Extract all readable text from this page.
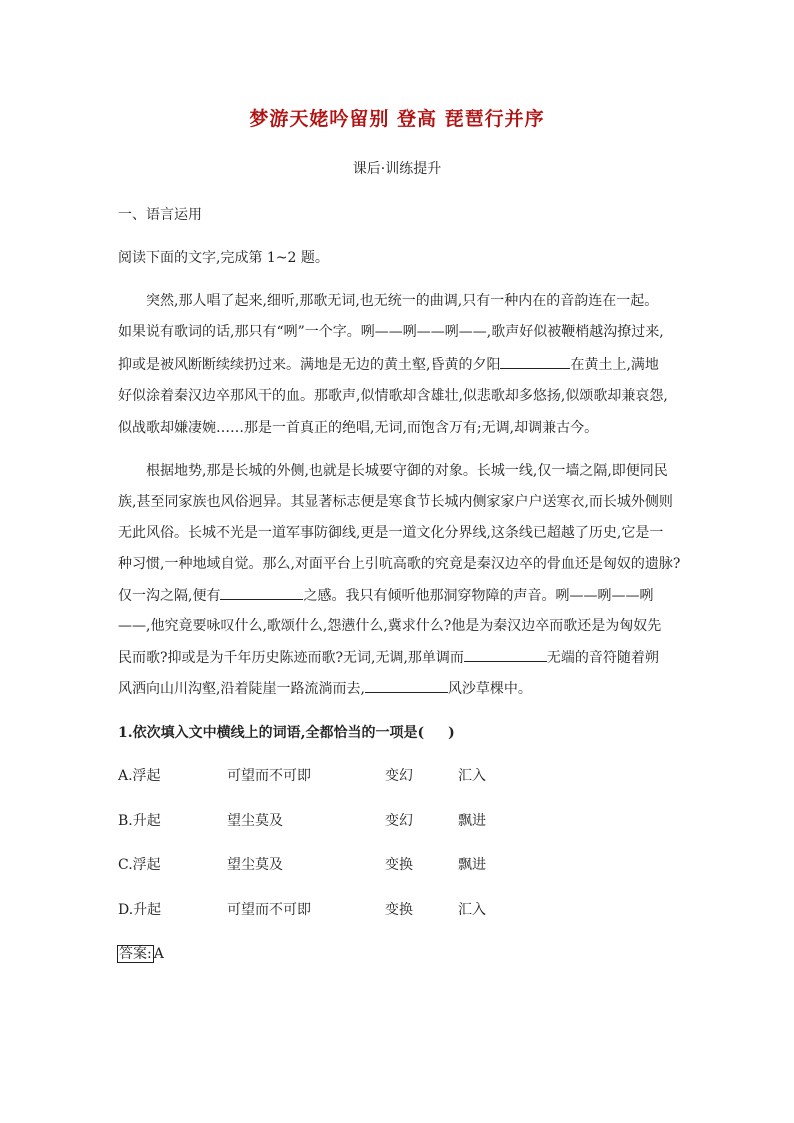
梦游天姥吟留别 登高 琵琶行并序
课后·训练提升
一、语言运用
阅读下面的文字,完成第 1~2 题。
突然,那人唱了起来,细听,那歌无词,也无统一的曲调,只有一种内在的音韵连在一起。
如果说有歌词的话,那只有“咧”一个字。咧——咧——咧——,歌声好似被鞭梢越沟撩过来,
抑或是被风断断续续扔过来。满地是无边的黄土壑,昏黄的夕阳	在黄土上,满地
好似涂着秦汉边卒那风干的血。那歌声,似情歌却含雄壮,似悲歌却多悠扬,似颂歌却兼哀怨,
似战歌却嫌凄婉……那是一首真正的绝唱,无词,而饱含万有;无调,却调兼古今。
根据地势,那是长城的外侧,也就是长城要守御的对象。长城一线,仅一墙之隔,即便同民
族,甚至同家族也风俗迥异。其显著标志便是寒食节长城内侧家家户户送寒衣,而长城外侧则
无此风俗。长城不光是一道军事防御线,更是一道文化分界线,这条线已超越了历史,它是一
种习惯,一种地域自觉。那么,对面平台上引吭高歌的究竟是秦汉边卒的骨血还是匈奴的遗脉?
仅一沟之隔,便有	之感。我只有倾听他那洞穿物障的声音。咧——咧——咧
——,他究竟要咏叹什么,歌颂什么,怨懑什么,冀求什么?他是为秦汉边卒而歌还是为匈奴先
民而歌?抑或是为千年历史陈迹而歌?无词,无调,那单调而	无端的音符随着朔
风洒向山川沟壑,沿着陡崖一路流淌而去,	风沙草棵中。
1.依次填入文中横线上的词语,全都恰当的一项是( )
A.浮起	可望而不可即	变幻	汇入
B.升起	望尘莫及	变幻	飘进
C.浮起	望尘莫及	变换	飘进
D.升起	可望而不可即	变换	汇入
答案: A
